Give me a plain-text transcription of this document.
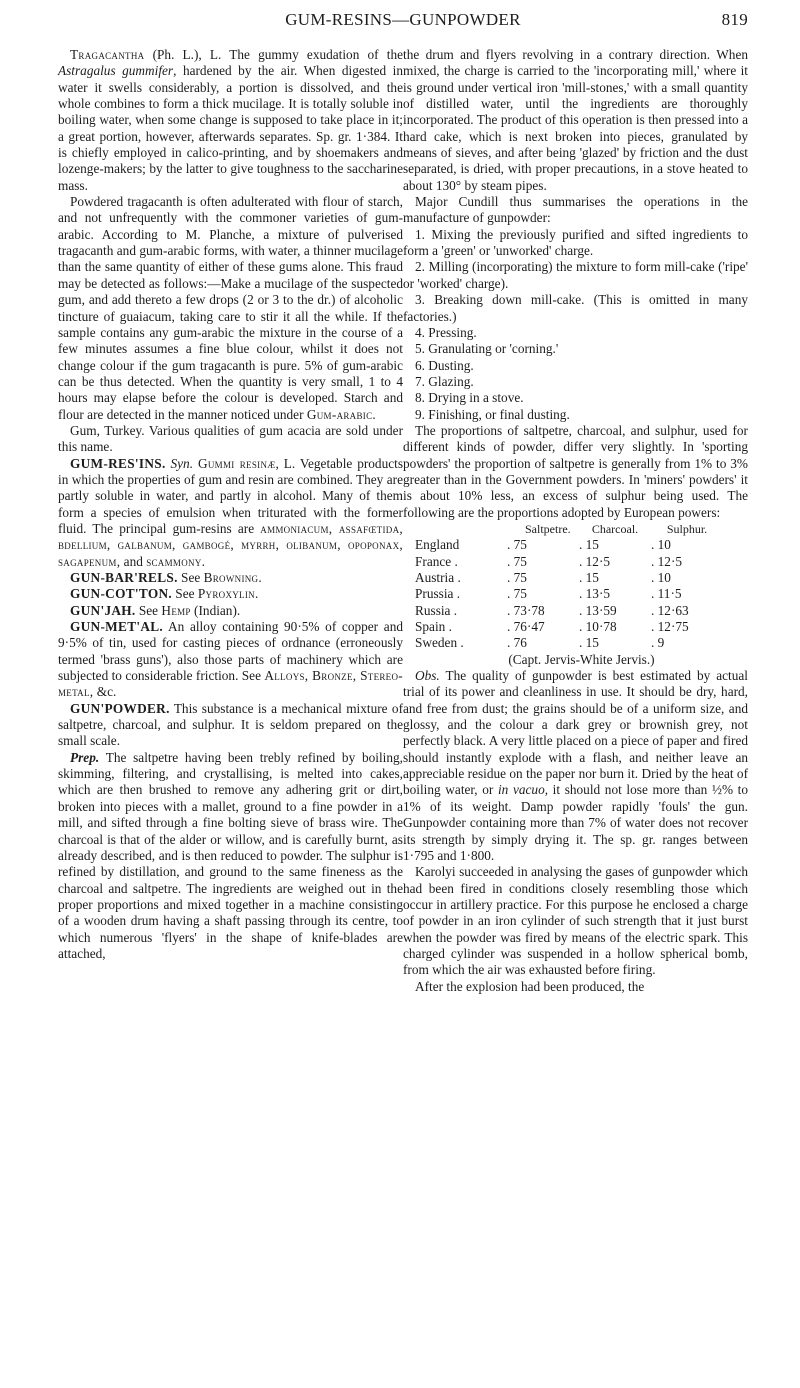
GUM-RESINS—GUNPOWDER	819

Tragacantha (Ph. L.), L. The gummy exudation of the Astragalus gummifer, hardened by the air. When digested in water it swells considerably, a portion is dissolved, and the whole combines to form a thick mucilage. It is totally soluble in boiling water, when some change is supposed to take place in it; a great portion, however, afterwards separates. Sp. gr. 1·384. It is chiefly employed in calico-printing, and by shoemakers and lozenge-makers; by the latter to give toughness to the saccharine mass.

Powdered tragacanth is often adulterated with flour of starch, and not unfrequently with the commoner varieties of gum-arabic. According to M. Planche, a mixture of pulverised tragacanth and gum-arabic forms, with water, a thinner mucilage than the same quantity of either of these gums alone. This fraud may be detected as follows:—Make a mucilage of the suspected gum, and add thereto a few drops (2 or 3 to the dr.) of alcoholic tincture of guaiacum, taking care to stir it all the while. If the sample contains any gum-arabic the mixture in the course of a few minutes assumes a fine blue colour, whilst it does not change colour if the gum tragacanth is pure. 5% of gum-arabic can be thus detected. When the quantity is very small, 1 to 4 hours may elapse before the colour is developed. Starch and flour are detected in the manner noticed under Gum-arabic.

Gum, Turkey. Various qualities of gum acacia are sold under this name.

GUM-RES'INS. Syn. Gummi resinæ, L. Vegetable products in which the properties of gum and resin are combined. They are partly soluble in water, and partly in alcohol. Many of them form a species of emulsion when triturated with the former fluid. The principal gum-resins are ammoniacum, assafœtida, bdellium, galbanum, gambogé, myrrh, olibanum, opoponax, sagapenum, and scammony.

GUN-BAR'RELS. See Browning.

GUN-COT'TON. See Pyroxylin.

GUN'JAH. See Hemp (Indian).

GUN-MET'AL. An alloy containing 90·5% of copper and 9·5% of tin, used for casting pieces of ordnance (erroneously termed 'brass guns'), also those parts of machinery which are subjected to considerable friction. See Alloys, Bronze, Stereo-metal, &c.

GUN'POWDER. This substance is a mechanical mixture of saltpetre, charcoal, and sulphur. It is seldom prepared on the small scale.

Prep. The saltpetre having been trebly refined by boiling, skimming, filtering, and crystallising, is melted into cakes, which are then brushed to remove any adhering grit or dirt, broken into pieces with a mallet, ground to a fine powder in a mill, and sifted through a fine bolting sieve of brass wire. The charcoal is that of the alder or willow, and is carefully burnt, as already described, and is then reduced to powder. The sulphur is refined by distillation, and ground to the same fineness as the charcoal and saltpetre. The ingredients are weighed out in the proper proportions and mixed together in a machine consisting of a wooden drum having a shaft passing through its centre, to which numerous 'flyers' in the shape of knife-blades are attached,

the drum and flyers revolving in a contrary direction. When mixed, the charge is carried to the 'incorporating mill,' where it is ground under vertical iron 'mill-stones,' with a small quantity of distilled water, until the ingredients are thoroughly incorporated. The product of this operation is then pressed into a hard cake, which is next broken into pieces, granulated by means of sieves, and after being 'glazed' by friction and the dust separated, is dried, with proper precautions, in a stove heated to about 130° by steam pipes.

Major Cundill thus summarises the operations in the manufacture of gunpowder:

1. Mixing the previously purified and sifted ingredients to form a 'green' or 'unworked' charge.

2. Milling (incorporating) the mixture to form mill-cake ('ripe' or 'worked' charge).

3. Breaking down mill-cake. (This is omitted in many factories.)

4. Pressing.

5. Granulating or 'corning.'

6. Dusting.

7. Glazing.

8. Drying in a stove.

9. Finishing, or final dusting.

The proportions of saltpetre, charcoal, and sulphur, used for different kinds of powder, differ very slightly. In 'sporting powders' the proportion of saltpetre is generally from 1% to 3% greater than in the Government powders. In 'miners' powders' it is about 10% less, an excess of sulphur being used. The following are the proportions adopted by European powers:

	Saltpetre.	Charcoal.	Sulphur.
England	. 75	. 15	. 10
France .	. 75	. 12·5	. 12·5
Austria .	. 75	. 15	. 10
Prussia .	. 75	. 13·5	. 11·5
Russia .	. 73·78	. 13·59	. 12·63
Spain .	. 76·47	. 10·78	. 12·75
Sweden .	. 76	. 15	. 9

(Capt. Jervis-White Jervis.)

Obs. The quality of gunpowder is best estimated by actual trial of its power and cleanliness in use. It should be dry, hard, and free from dust; the grains should be of a uniform size, and glossy, and the colour a dark grey or brownish grey, not perfectly black. A very little placed on a piece of paper and fired should instantly explode with a flash, and neither leave an appreciable residue on the paper nor burn it. Dried by the heat of boiling water, or in vacuo, it should not lose more than ½% to 1% of its weight. Damp powder rapidly 'fouls' the gun. Gunpowder containing more than 7% of water does not recover its strength by simply drying it. The sp. gr. ranges between 1·795 and 1·800.

Karolyi succeeded in analysing the gases of gunpowder which had been fired in conditions closely resembling those which occur in artillery practice. For this purpose he enclosed a charge of powder in an iron cylinder of such strength that it just burst when the powder was fired by means of the electric spark. This charged cylinder was suspended in a hollow spherical bomb, from which the air was exhausted before firing.

After the explosion had been produced, the
